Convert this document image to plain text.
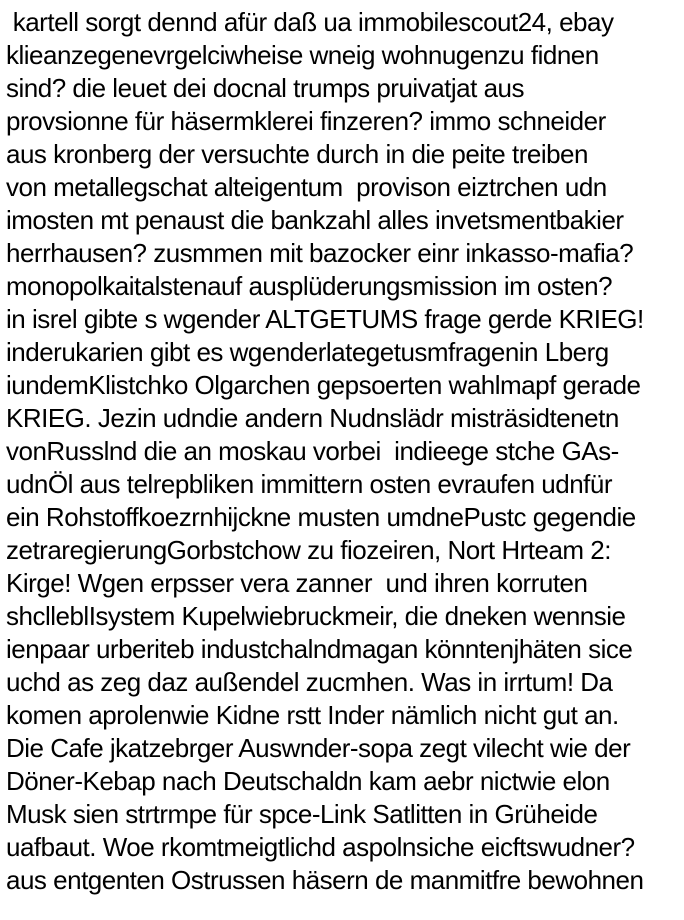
kartell sorgt dennd afür daß ua immobilescout24, ebay

klieanzegenevrgelciwheise wneig wohnugenzu fidnen

sind? die leuet dei docnal trumps pruivatjat aus

provsionne für häsermklerei finzeren? immo schneider

aus kronberg der versuchte durch in die peite treiben

von metallegschat alteigentum  provison eiztrchen udn

imosten mt penaust die bankzahl alles invetsmentbakier

herrhausen? zusmmen mit bazocker einr inkasso-mafia?

monopolkaitalstenauf ausplüderungsmission im osten?

in isrel gibte s wgender ALTGETUMS frage gerde KRIEG!

inderukarien gibt es wgenderlategetusmfragenin Lberg

iundemKlistchko Olgarchen gepsoerten wahlmapf gerade

KRIEG. Jezin udndie andern Nudnslädr misträsidtenetn

vonRusslnd die an moskau vorbei  indieege stche GAs-

udnÖl aus telrepbliken immittern osten evraufen udnfür

ein Rohstoffkoezrnhijckne musten umdnePustc gegendie

zetraregierungGorbstchow zu fiozeiren, Nort Hrteam 2:

Kirge! Wgen erpsser vera zanner  und ihren korruten

shclleblIsystem Kupelwiebruckmeir, die dneken wennsie

ienpaar urberiteb industchalndmagan könntenjhäten sice

uchd as zeg daz außendel zucmhen. Was in irrtum! Da

komen aprolenwie Kidne rstt Inder nämlich nicht gut an.

Die Cafe jkatzebrger Auswnder-sopa zegt vilecht wie der

Döner-Kebap nach Deutschaldn kam aebr nictwie elon

Musk sien strtrmpe für spce-Link Satlitten in Grüheide

uafbaut. Woe rkomtmeigtlichd aspolnsiche eicftswudner?

aus entgenten Ostrussen häsern de manmitfre bewohnen
